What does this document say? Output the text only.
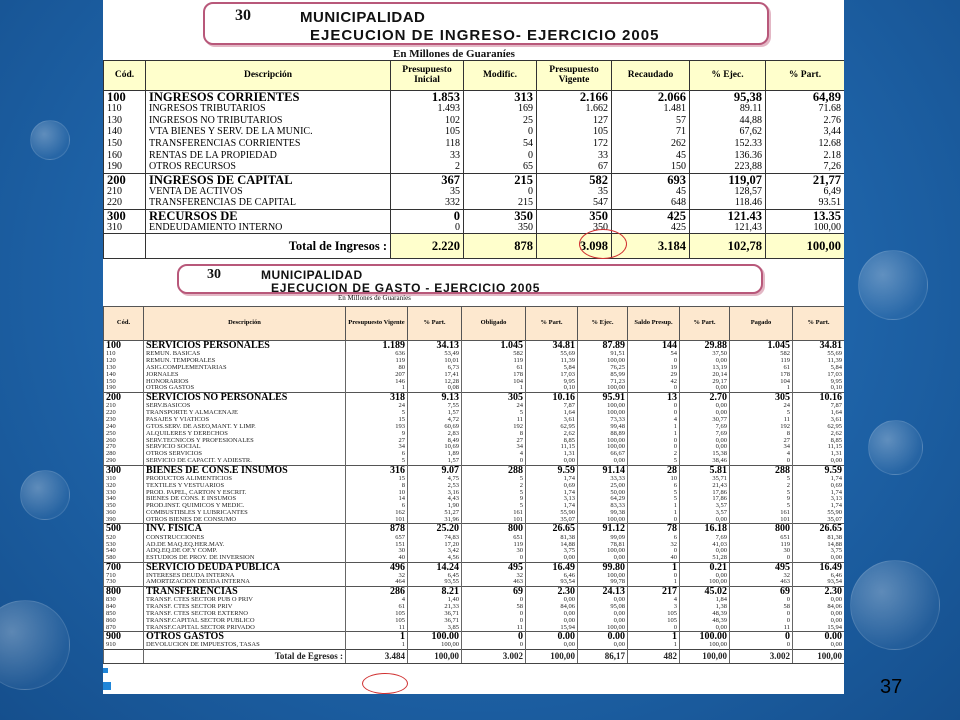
30	MUNICIPALIDAD
EJECUCION DE INGRESO- EJERCICIO 2005
En Millones de Guaraníes
Cód.	Descripción	Presupuesto Inicial	Modific.	Presupuesto Vigente	Recaudado	% Ejec.	% Part.
100	INGRESOS CORRIENTES	1.853	313	2.166	2.066	95,38	64,89
110	INGRESOS TRIBUTARIOS	1.493	169	1.662	1.481	89.11	71.68
130	INGRESOS NO TRIBUTARIOS	102	25	127	57	44,88	2.76
140	VTA BIENES Y SERV. DE LA MUNIC.	105	0	105	71	67,62	3,44
150	TRANSFERENCIAS CORRIENTES	118	54	172	262	152.33	12.68
160	RENTAS DE LA PROPIEDAD	33	0	33	45	136.36	2.18
190	OTROS RECURSOS	2	65	67	150	223,88	7,26
200	INGRESOS DE CAPITAL	367	215	582	693	119,07	21,77
210	VENTA DE ACTIVOS	35	0	35	45	128,57	6,49
220	TRANSFERENCIAS DE CAPITAL	332	215	547	648	118.46	93.51
300	RECURSOS DE	0	350	350	425	121.43	13.35
310	ENDEUDAMIENTO INTERNO	0	350	350	425	121,43	100,00
	Total de Ingresos :	2.220	878	3.098	3.184	102,78	100,00
30	MUNICIPALIDAD
EJECUCION DE GASTO - EJERCICIO 2005
En Millones de Guaraníes
Cód.	Descripción	Presupuesto Vigente	% Part.	Obligado	% Part.	% Ejec.	Saldo Presup.	% Part.	Pagado	% Part.
100	SERVICIOS PERSONALES	1.189	34.13	1.045	34.81	87.89	144	29.88	1.045	34.81
110	REMUN. BASICAS	636	53,49	582	55,69	91,51	54	37,50	582	55,69
120	REMUN. TEMPORALES	119	10,01	119	11,39	100,00	0	0,00	119	11,39
130	ASIG.COMPLEMENTARIAS	80	6,73	61	5,84	76,25	19	13,19	61	5,84
140	JORNALES	207	17,41	178	17,03	85,99	29	20,14	178	17,03
150	HONORARIOS	146	12,28	104	9,95	71,23	42	29,17	104	9,95
190	OTROS GASTOS	1	0,08	1	0,10	100,00	0	0,00	1	0,10
200	SERVICIOS NO PERSONALES	318	9.13	305	10.16	95.91	13	2.70	305	10.16
210	SERV.BASICOS	24	7,55	24	7,87	100,00	0	0,00	24	7,87
220	TRANSPORTE Y ALMACENAJE	5	1,57	5	1,64	100,00	0	0,00	5	1,64
230	PASAJES Y VIATICOS	15	4,72	11	3,61	73,33	4	30,77	11	3,61
240	GTOS.SERV. DE ASEO,MANT. Y LIMP.	193	60,69	192	62,95	99,48	1	7,69	192	62,95
250	ALQUILERES Y DERECHOS	9	2,83	8	2,62	88,89	1	7,69	8	2,62
260	SERV.TECNICOS Y PROFESIONALES	27	8,49	27	8,85	100,00	0	0,00	27	8,85
270	SERVICIO SOCIAL	34	10,69	34	11,15	100,00	0	0,00	34	11,15
280	OTROS SERVICIOS	6	1,89	4	1,31	66,67	2	15,38	4	1,31
290	SERVICIO DE CAPACIT. Y ADIESTR.	5	1,57	0	0,00	0,00	5	38,46	0	0,00
300	BIENES DE CONS.E INSUMOS	316	9.07	288	9.59	91.14	28	5.81	288	9.59
310	PRODUCTOS ALIMENTICIOS	15	4,75	5	1,74	33,33	10	35,71	5	1,74
320	TEXTILES Y VESTUARIOS	8	2,53	2	0,69	25,00	6	21,43	2	0,69
330	PROD. PAPEL, CARTON Y ESCRIT.	10	3,16	5	1,74	50,00	5	17,86	5	1,74
340	BIENES DE CONS. E INSUMOS	14	4,43	9	3,13	64,29	5	17,86	9	3,13
350	PROD.INST. QUIMICOS Y MEDIC.	6	1,90	5	1,74	83,33	1	3,57	5	1,74
360	COMBUSTIBLES Y LUBRICANTES	162	51,27	161	55,90	99,38	1	3,57	161	55,90
390	OTROS BIENES DE CONSUMO	101	31,96	101	35,07	100,00	0	0,00	101	35,07
500	INV. FISICA	878	25.20	800	26.65	91.12	78	16.18	800	26.65
520	CONSTRUCCIONES	657	74,83	651	81,38	99,09	6	7,69	651	81,38
530	AD.DE MAQ.EQ.HER.MAY.	151	17,20	119	14,88	78,81	32	41,03	119	14,88
540	ADQ.EQ.DE OF.Y COMP.	30	3,42	30	3,75	100,00	0	0,00	30	3,75
580	ESTUDIOS DE PROY. DE INVERSION	40	4,56	0	0,00	0,00	40	51,28	0	0,00
700	SERVICIO DEUDA PUBLICA	496	14.24	495	16.49	99.80	1	0.21	495	16.49
710	INTERESES DEUDA INTERNA	32	6,45	32	6,46	100,00	0	0,00	32	6,46
730	AMORTIZACION DEUDA INTERNA	464	93,55	463	93,54	99,78	1	100,00	463	93,54
800	TRANSFERENCIAS	286	8.21	69	2.30	24.13	217	45.02	69	2.30
830	TRANSF. CTES SECTOR PUB O PRIV	4	1,40	0	0,00	0,00	4	1,84	0	0,00
840	TRANSF. CTES SECTOR PRIV	61	21,33	58	84,06	95,08	3	1,38	58	84,06
850	TRANSF. CTES SECTOR EXTERNO	105	36,71	0	0,00	0,00	105	48,39	0	0,00
860	TRANSF.CAPITAL SECTOR PUBLICO	105	36,71	0	0,00	0,00	105	48,39	0	0,00
870	TRANSF.CAPITAL SECTOR PRIVADO	11	3,85	11	15,94	100,00	0	0,00	11	15,94
900	OTROS GASTOS	1	100.00	0	0.00	0.00	1	100.00	0	0.00
910	DEVOLUCION DE IMPUESTOS, TASAS	1	100,00	0	0,00	0,00	1	100,00	0	0,00
	Total de Egresos :	3.484	100,00	3.002	100,00	86,17	482	100,00	3.002	100,00
37
